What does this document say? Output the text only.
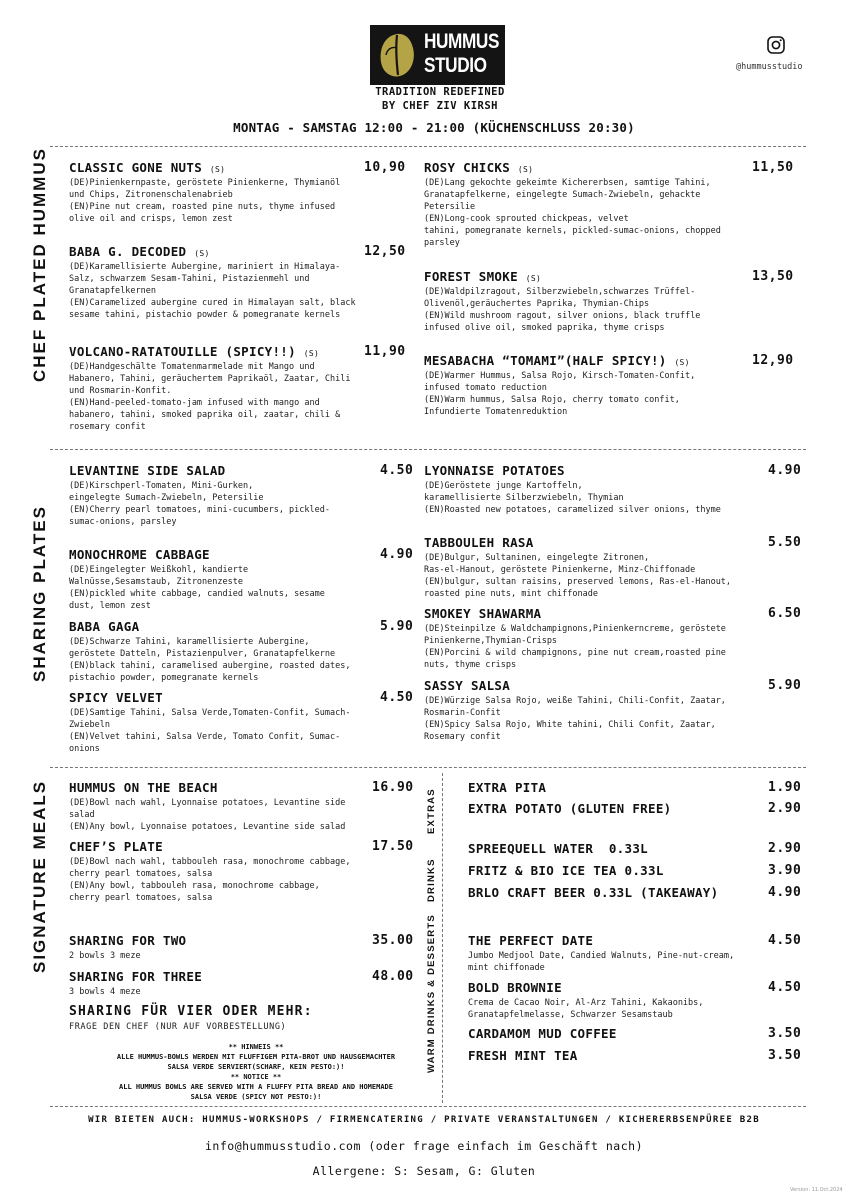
HUMMUS
STUDIO
TRADITION REDEFINED
BY CHEF ZIV KIRSH
MONTAG - SAMSTAG 12:00 - 21:00 (KÜCHENSCHLUSS 20:30)
@hummusstudio
CHEF PLATED HUMMUS
SHARING PLATES
SIGNATURE MEALS	EXTRAS
DRINKS
WARM DRINKS & DESSERTS
CLASSIC GONE NUTS (S)	10,90
(DE)Pinienkernpaste, geröstete Pinienkerne, Thymianöl
und Chips, Zitronenschalenabrieb
(EN)Pine nut cream, roasted pine nuts, thyme infused
olive oil and crisps, lemon zest
BABA G. DECODED (S)	12,50
(DE)Karamellisierte Aubergine, mariniert in Himalaya-
Salz, schwarzem Sesam-Tahini, Pistazienmehl und
Granatapfelkernen
(EN)Caramelized aubergine cured in Himalayan salt, black
sesame tahini, pistachio powder & pomegranate kernels
VOLCANO-RATATOUILLE (SPICY!!) (S)	11,90
(DE)Handgeschälte Tomatenmarmelade mit Mango und
Habanero, Tahini, geräuchertem Paprikaöl, Zaatar, Chili
und Rosmarin-Konfit.
(EN)Hand-peeled-tomato-jam infused with mango and
habanero, tahini, smoked paprika oil, zaatar, chili &
rosemary confit
ROSY CHICKS (S)	11,50
(DE)Lang gekochte gekeimte Kichererbsen, samtige Tahini,
Granatapfelkerne, eingelegte Sumach-Zwiebeln, gehackte
Petersilie
(EN)Long-cook sprouted chickpeas, velvet
tahini, pomegranate kernels, pickled-sumac-onions, chopped
parsley
FOREST SMOKE (S)	13,50
(DE)Waldpilzragout, Silberzwiebeln,schwarzes Trüffel-
Olivenöl,geräuchertes Paprika, Thymian-Chips
(EN)Wild mushroom ragout, silver onions, black truffle
infused olive oil, smoked paprika, thyme crisps
MESABACHA “TOMAMI”(HALF SPICY!) (S)	12,90
(DE)Warmer Hummus, Salsa Rojo, Kirsch-Tomaten-Confit,
infused tomato reduction
(EN)Warm hummus, Salsa Rojo, cherry tomato confit,
Infundierte Tomatenreduktion
LEVANTINE SIDE SALAD	4.50
(DE)Kirschperl-Tomaten, Mini-Gurken,
eingelegte Sumach-Zwiebeln, Petersilie
(EN)Cherry pearl tomatoes, mini-cucumbers, pickled-
sumac-onions, parsley
MONOCHROME CABBAGE	4.90
(DE)Eingelegter Weißkohl, kandierte
Walnüsse,Sesamstaub, Zitronenzeste
(EN)pickled white cabbage, candied walnuts, sesame
dust, lemon zest
BABA GAGA	5.90
(DE)Schwarze Tahini, karamellisierte Aubergine,
geröstete Datteln, Pistazienpulver, Granatapfelkerne
(EN)black tahini, caramelised aubergine, roasted dates,
pistachio powder, pomegranate kernels
SPICY VELVET	4.50
(DE)Samtige Tahini, Salsa Verde,Tomaten-Confit, Sumach-
Zwiebeln
(EN)Velvet tahini, Salsa Verde, Tomato Confit, Sumac-
onions
LYONNAISE POTATOES	4.90
(DE)Geröstete junge Kartoffeln,
karamellisierte Silberzwiebeln, Thymian
(EN)Roasted new potatoes, caramelized silver onions, thyme
TABBOULEH RASA	5.50
(DE)Bulgur, Sultaninen, eingelegte Zitronen,
Ras-el-Hanout, geröstete Pinienkerne, Minz-Chiffonade
(EN)bulgur, sultan raisins, preserved lemons, Ras-el-Hanout,
roasted pine nuts, mint chiffonade
SMOKEY SHAWARMA	6.50
(DE)Steinpilze & Waldchampignons,Pinienkerncreme, geröstete
Pinienkerne,Thymian-Crisps
(EN)Porcini & wild champignons, pine nut cream,roasted pine
nuts, thyme crisps
SASSY SALSA	5.90
(DE)Würzige Salsa Rojo, weiße Tahini, Chili-Confit, Zaatar,
Rosmarin-Confit
(EN)Spicy Salsa Rojo, White tahini, Chili Confit, Zaatar,
Rosemary confit
HUMMUS ON THE BEACH	16.90
(DE)Bowl nach wahl, Lyonnaise potatoes, Levantine side
salad
(EN)Any bowl, Lyonnaise potatoes, Levantine side salad
CHEF’S PLATE	17.50
(DE)Bowl nach wahl, tabbouleh rasa, monochrome cabbage,
cherry pearl tomatoes, salsa
(EN)Any bowl, tabbouleh rasa, monochrome cabbage,
cherry pearl tomatoes, salsa
SHARING FOR TWO	35.00
2 bowls 3 meze
SHARING FOR THREE	48.00
3 bowls 4 meze
SHARING FÜR VIER ODER MEHR:
FRAGE DEN CHEF (NUR AUF VORBESTELLUNG)
** HINWEIS **
ALLE HUMMUS-BOWLS WERDEN MIT FLUFFIGEM PITA-BROT UND HAUSGEMACHTER
SALSA VERDE SERVIERT(SCHARF, KEIN PESTO:)!
** NOTICE **
ALL HUMMUS BOWLS ARE SERVED WITH A FLUFFY PITA BREAD AND HOMEMADE
SALSA VERDE (SPICY NOT PESTO:)!
EXTRA PITA	1.90
EXTRA POTATO (GLUTEN FREE)	2.90
SPREEQUELL WATER  0.33L	2.90
FRITZ & BIO ICE TEA 0.33L	3.90
BRLO CRAFT BEER 0.33L (TAKEAWAY)	4.90
THE PERFECT DATE	4.50
Jumbo Medjool Date, Candied Walnuts, Pine-nut-cream,
mint chiffonade
BOLD BROWNIE	4.50
Crema de Cacao Noir, Al-Arz Tahini, Kakaonibs,
Granatapfelmelasse, Schwarzer Sesamstaub
CARDAMOM MUD COFFEE	3.50
FRESH MINT TEA	3.50
WIR BIETEN AUCH: HUMMUS-WORKSHOPS / FIRMENCATERING / PRIVATE VERANSTALTUNGEN / KICHERERBSENPÜREE B2B
info@hummusstudio.com (oder frage einfach im Geschäft nach)
Allergene: S: Sesam, G: Gluten
Version: 11.Oct.2024
